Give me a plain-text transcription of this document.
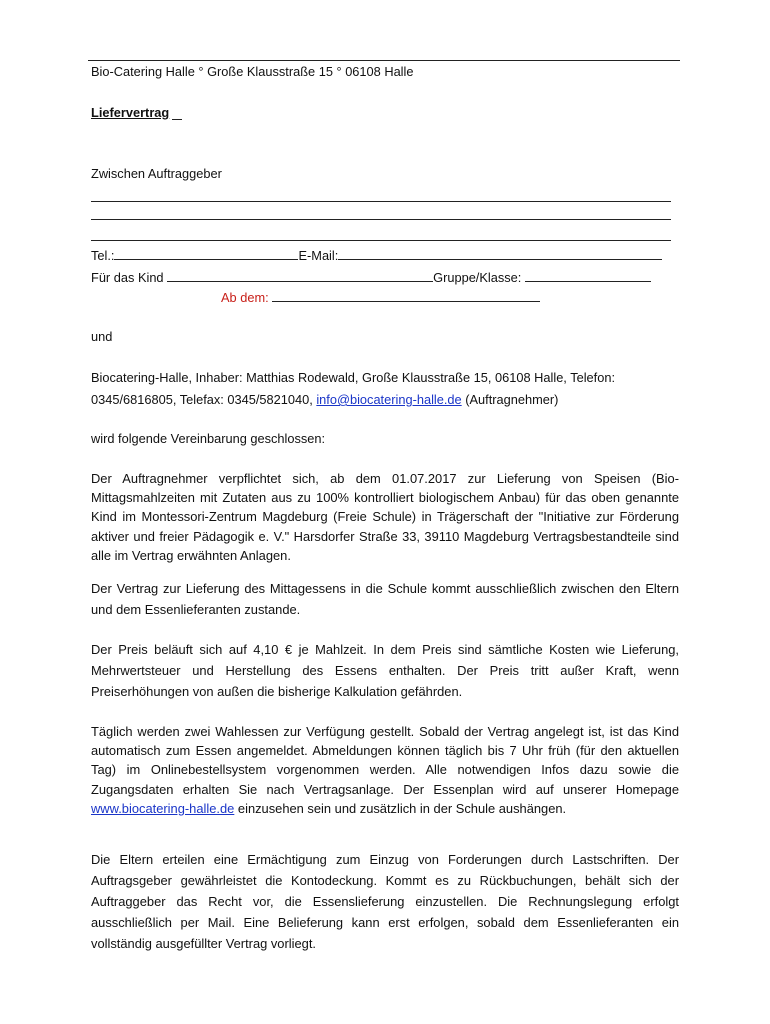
Bio-Catering Halle ° Große Klausstraße 15 ° 06108 Halle
Liefervertrag
Zwischen Auftraggeber
Tel.:	E-Mail:
Für das Kind	Gruppe/Klasse:
Ab dem:
und
Biocatering-Halle, Inhaber: Matthias Rodewald, Große Klausstraße 15, 06108 Halle, Telefon:
0345/6816805, Telefax: 0345/5821040, info@biocatering-halle.de (Auftragnehmer)
wird folgende Vereinbarung geschlossen:
Der Auftragnehmer verpflichtet sich, ab dem 01.07.2017 zur Lieferung von Speisen (Bio-Mittagsmahlzeiten mit Zutaten aus zu 100% kontrolliert biologischem Anbau) für das oben genannte Kind im Montessori-Zentrum Magdeburg (Freie Schule) in Trägerschaft der "Initiative zur Förderung aktiver und freier Pädagogik e. V." Harsdorfer Straße 33, 39110 Magdeburg Vertragsbestandteile sind alle im Vertrag erwähnten Anlagen.
Der Vertrag zur Lieferung des Mittagessens in die Schule kommt ausschließlich zwischen den Eltern und dem Essenlieferanten zustande.
Der Preis beläuft sich auf 4,10 € je Mahlzeit. In dem Preis sind sämtliche Kosten wie Lieferung, Mehrwertsteuer und Herstellung des Essens enthalten. Der Preis tritt außer Kraft, wenn Preiserhöhungen von außen die bisherige Kalkulation gefährden.
Täglich werden zwei Wahlessen zur Verfügung gestellt. Sobald der Vertrag angelegt ist, ist das Kind automatisch zum Essen angemeldet. Abmeldungen können täglich bis 7 Uhr früh (für den aktuellen Tag) im Onlinebestellsystem vorgenommen werden. Alle notwendigen Infos dazu sowie die Zugangsdaten erhalten Sie nach Vertragsanlage. Der Essenplan wird auf unserer Homepage www.biocatering-halle.de einzusehen sein und zusätzlich in der Schule aushängen.
Die Eltern erteilen eine Ermächtigung zum Einzug von Forderungen durch Lastschriften. Der Auftragsgeber gewährleistet die Kontodeckung. Kommt es zu Rückbuchungen, behält sich der Auftraggeber das Recht vor, die Essenslieferung einzustellen. Die Rechnungslegung erfolgt ausschließlich per Mail. Eine Belieferung kann erst erfolgen, sobald dem Essenlieferanten ein vollständig ausgefüllter Vertrag vorliegt.
